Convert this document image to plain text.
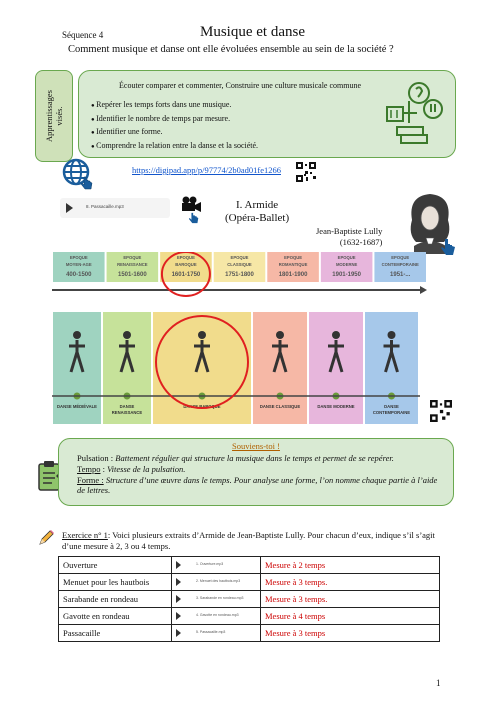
Séquence 4	Musique et danse
Comment musique et danse ont elle évoluées ensemble au sein de la société ?
Apprentissages
visés.
Écouter comparer et commenter, Construire une culture musicale commune
● Repérer les temps forts dans une musique.
● Identifier le nombre de temps par mesure.
● Identifier une forme.
● Comprendre la relation entre la danse et la société.
https://digipad.app/p/97774/2b0ad01fe1266
8. Passacaille.mp3	I. Armide
(Opéra-Ballet)
Jean-Baptiste Lully
(1632-1687)
EPOQUE
MOYEN-AGE
400-1500
EPOQUE
RENAISSANCE
1501-1600
EPOQUE
BAROQUE
1601-1750
EPOQUE
CLASSIQUE
1751-1800
EPOQUE
ROMANTIQUE
1801-1900
EPOQUE
MODERNE
1901-1950
EPOQUE
CONTEMPORAINE
1951-...
DANSE MÉDIÉVALE	DANSE
RENAISSANCE
DANSE BAROQUE	DANSE CLASSIQUE	DANSE MODERNE	DANSE
CONTEMPORAINE
Souviens-toi !
Pulsation : Battement régulier qui structure la musique dans le temps et permet de se repérer.
Tempo : Vitesse de la pulsation.
Forme : Structure d’une œuvre dans le temps. Pour analyse une forme, l’on nomme chaque partie à l’aide de lettres.
Exercice n° 1: Voici plusieurs extraits d’Armide de Jean-Baptiste Lully. Pour chacun d’eux, indique s’il s’agit d’une mesure à 2, 3 ou 4 temps.
Ouverture	1. Ouverture.mp3	Mesure à 2 temps
Menuet pour les hautbois	2. Menuet des hautbois.mp3	Mesure à 3 temps.
Sarabande en rondeau	3. Sarabande en rondeau.mp3	Mesure à 3 temps.
Gavotte en rondeau	4. Gavotte en rondeau.mp3	Mesure à 4 temps
Passacaille	5. Passacaille.mp3	Mesure à 3 temps
1
